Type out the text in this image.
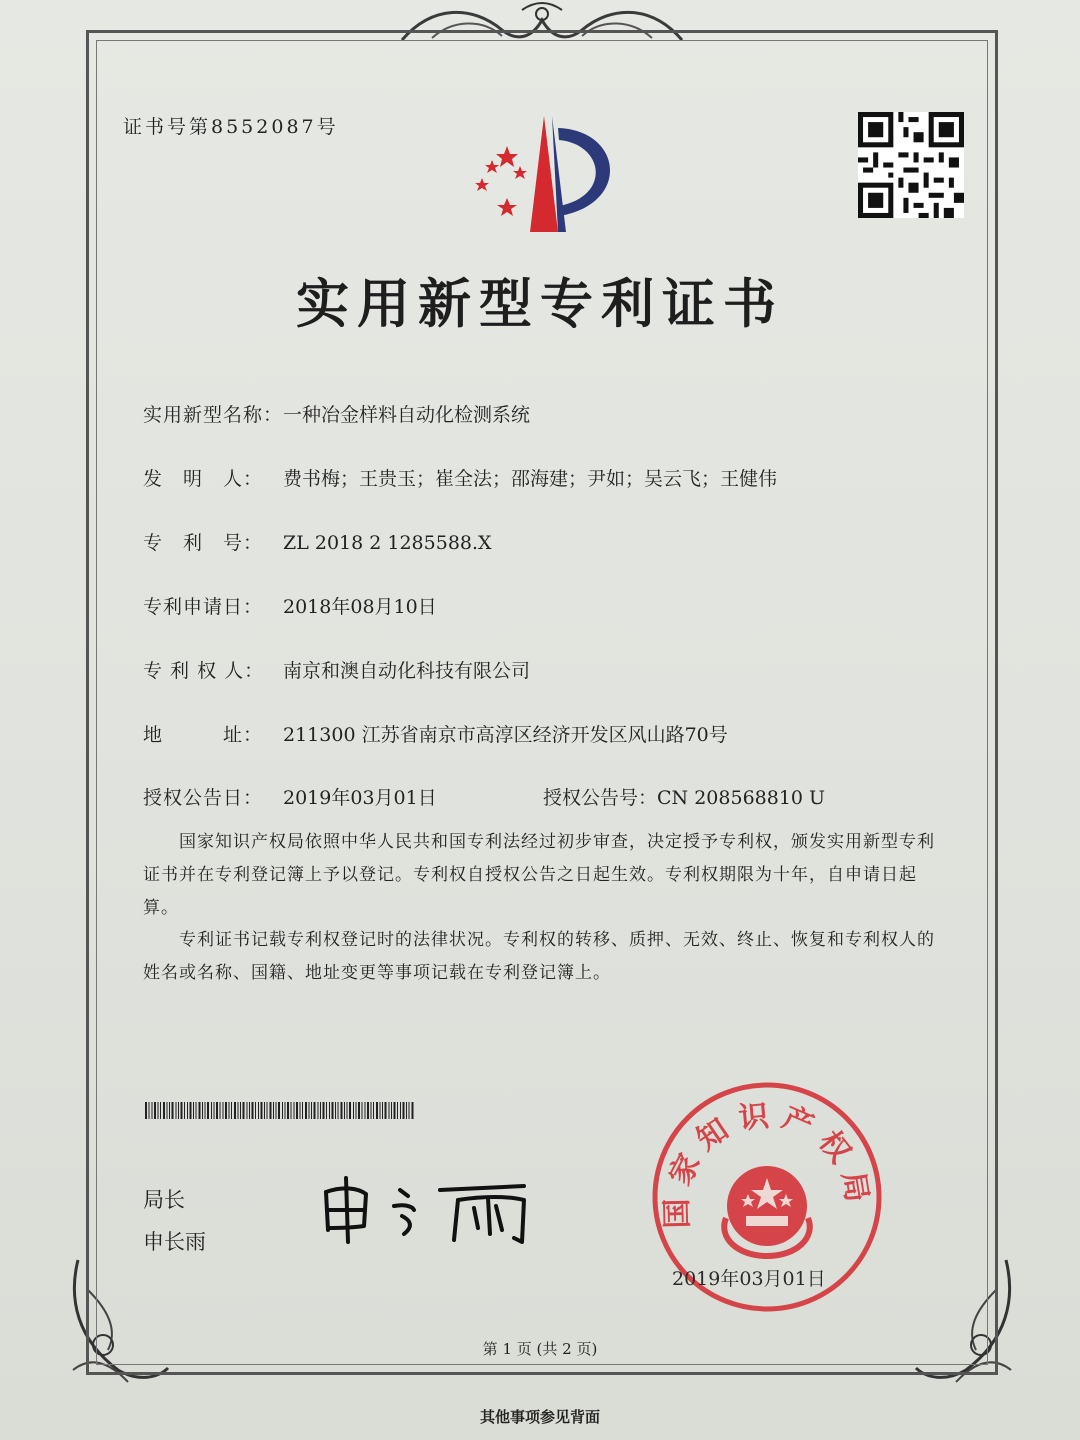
证书号第8552087号
实用新型专利证书
实用新型名称：一种冶金样料自动化检测系统
发　明　人： 费书梅；王贵玉；崔全法；邵海建；尹如；吴云飞；王健伟
专　利　号： ZL 2018 2 1285588.X
专利申请日： 2018年08月10日
专 利 权 人： 南京和澳自动化科技有限公司
地　　　址： 211300 江苏省南京市高淳区经济开发区风山路70号
授权公告日： 2019年03月01日	授权公告号：CN 208568810 U
国家知识产权局依照中华人民共和国专利法经过初步审查，决定授予专利权，颁发实用新型专利证书并在专利登记簿上予以登记。专利权自授权公告之日起生效。专利权期限为十年，自申请日起算。
专利证书记载专利权登记时的法律状况。专利权的转移、质押、无效、终止、恢复和专利权人的姓名或名称、国籍、地址变更等事项记载在专利登记簿上。
局长
申长雨
国家知识产权局
2019年03月01日
第 1 页 (共 2 页)
其他事项参见背面
